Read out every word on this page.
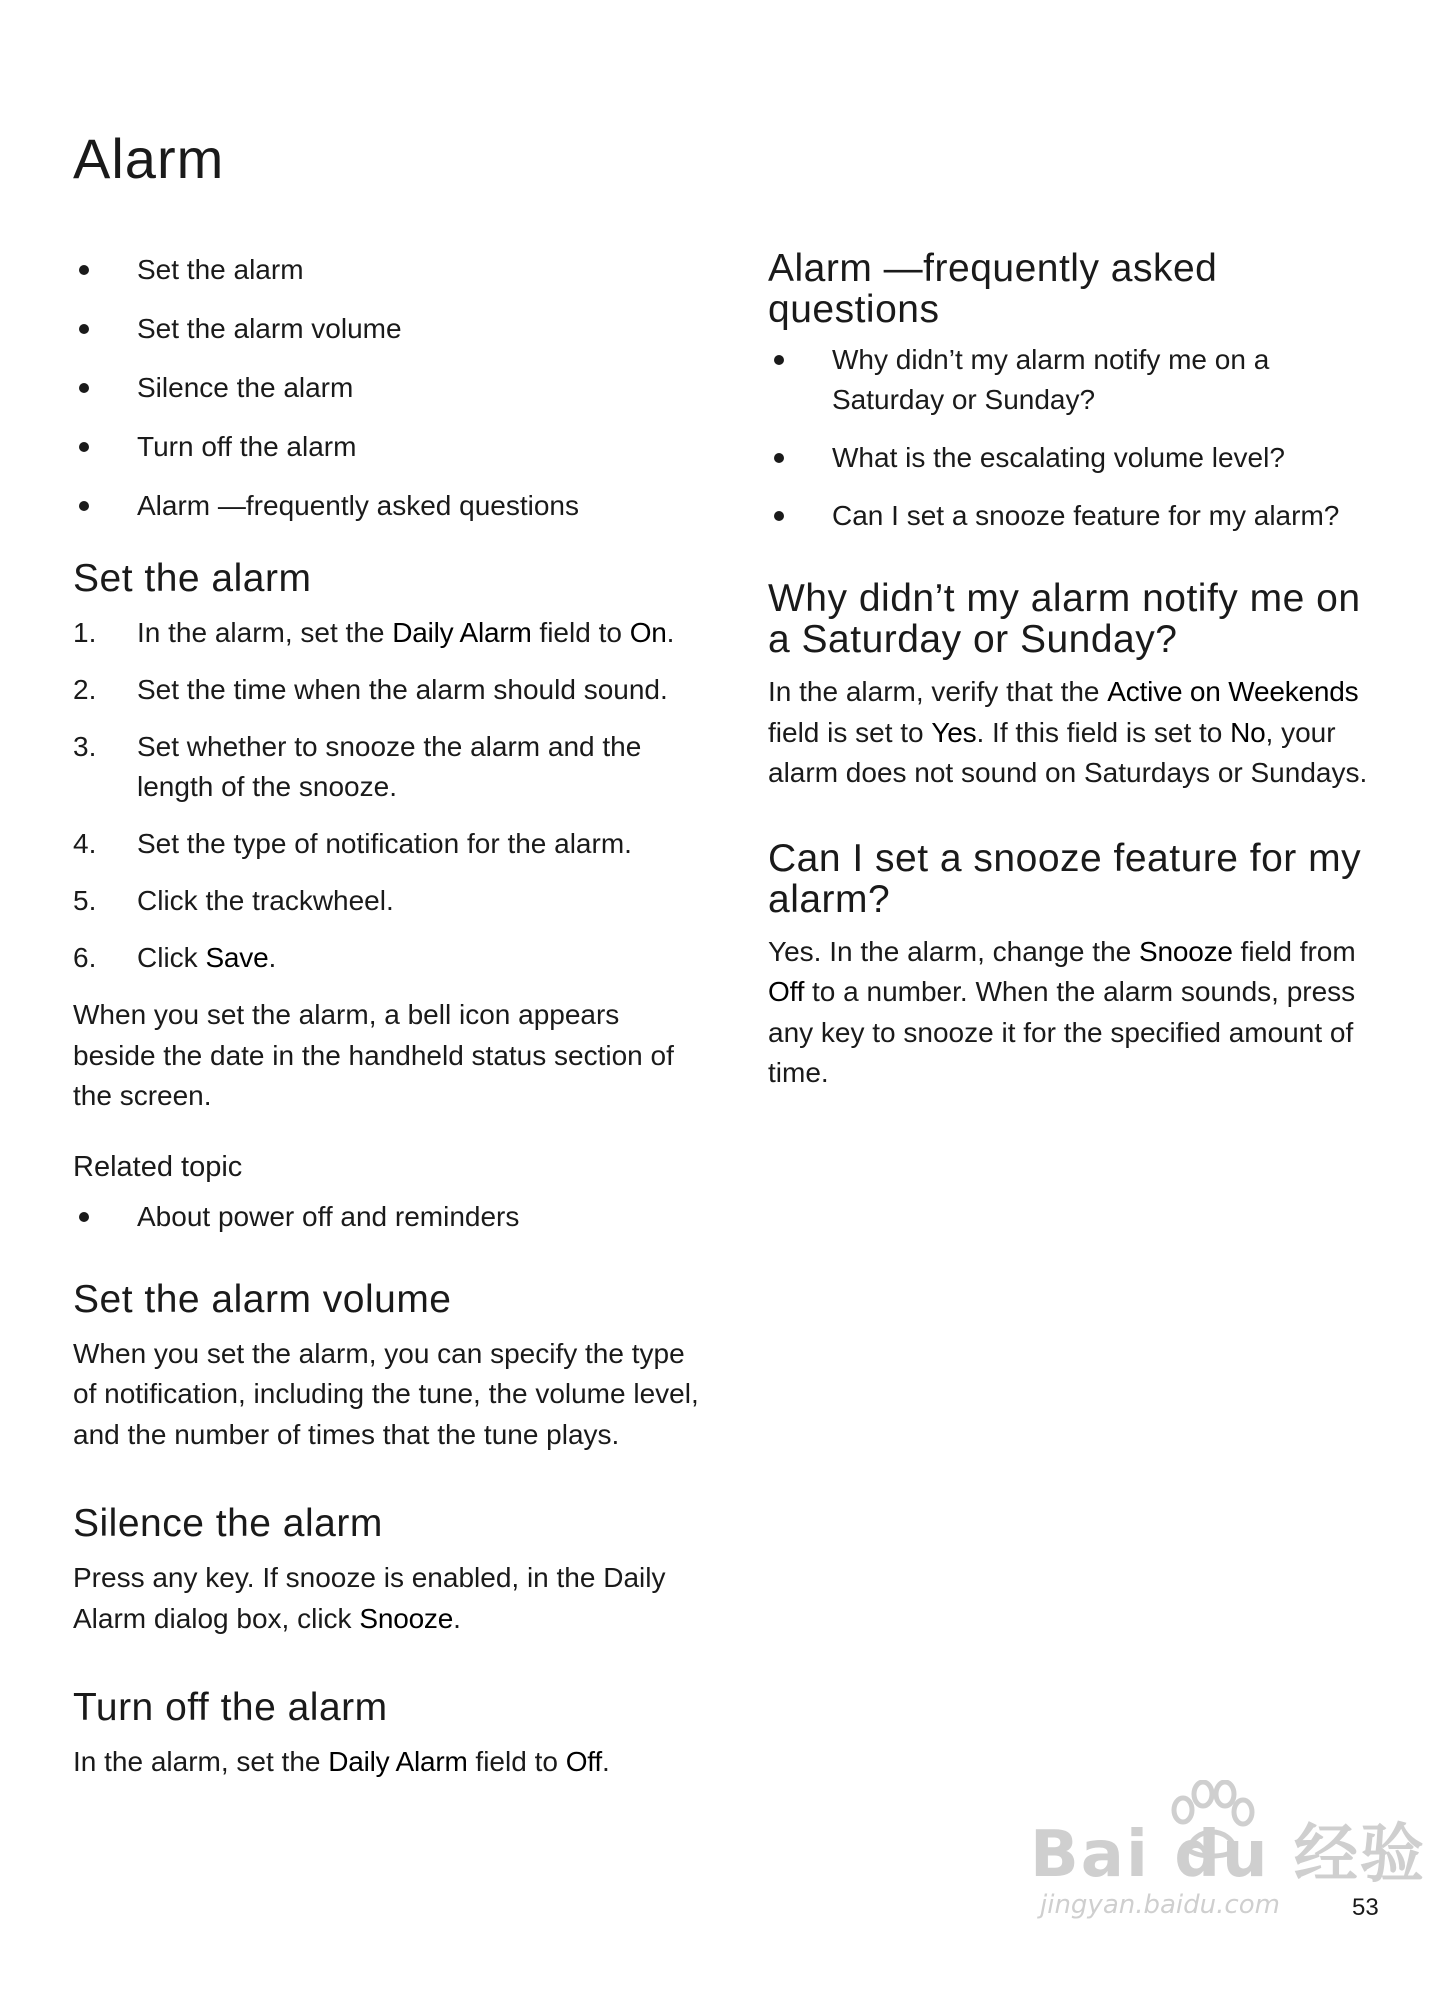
Alarm
Set the alarm
Set the alarm volume
Silence the alarm
Turn off the alarm
Alarm —frequently asked questions
Set the alarm
1. In the alarm, set the Daily Alarm field to On.
2. Set the time when the alarm should sound.
3. Set whether to snooze the alarm and the length of the snooze.
4. Set the type of notification for the alarm.
5. Click the trackwheel.
6. Click Save.

When you set the alarm, a bell icon appears beside the date in the handheld status section of the screen.

Related topic

About power off and reminders
Set the alarm volume

When you set the alarm, you can specify the type of notification, including the tune, the volume level, and the number of times that the tune plays.

Silence the alarm

Press any key. If snooze is enabled, in the Daily Alarm dialog box, click Snooze.

Turn off the alarm

In the alarm, set the Daily Alarm field to Off.

Alarm —frequently asked questions
Why didn’t my alarm notify me on a Saturday or Sunday?
What is the escalating volume level?
Can I set a snooze feature for my alarm?
Why didn’t my alarm notify me on a Saturday or Sunday?

In the alarm, verify that the Active on Weekends field is set to Yes. If this field is set to No, your alarm does not sound on Saturdays or Sundays.

Can I set a snooze feature for my alarm?

Yes. In the alarm, change the Snooze field from Off to a number. When the alarm sounds, press any key to snooze it for the specified amount of time.

Bai du 经验
jingyan.baidu.com	53
